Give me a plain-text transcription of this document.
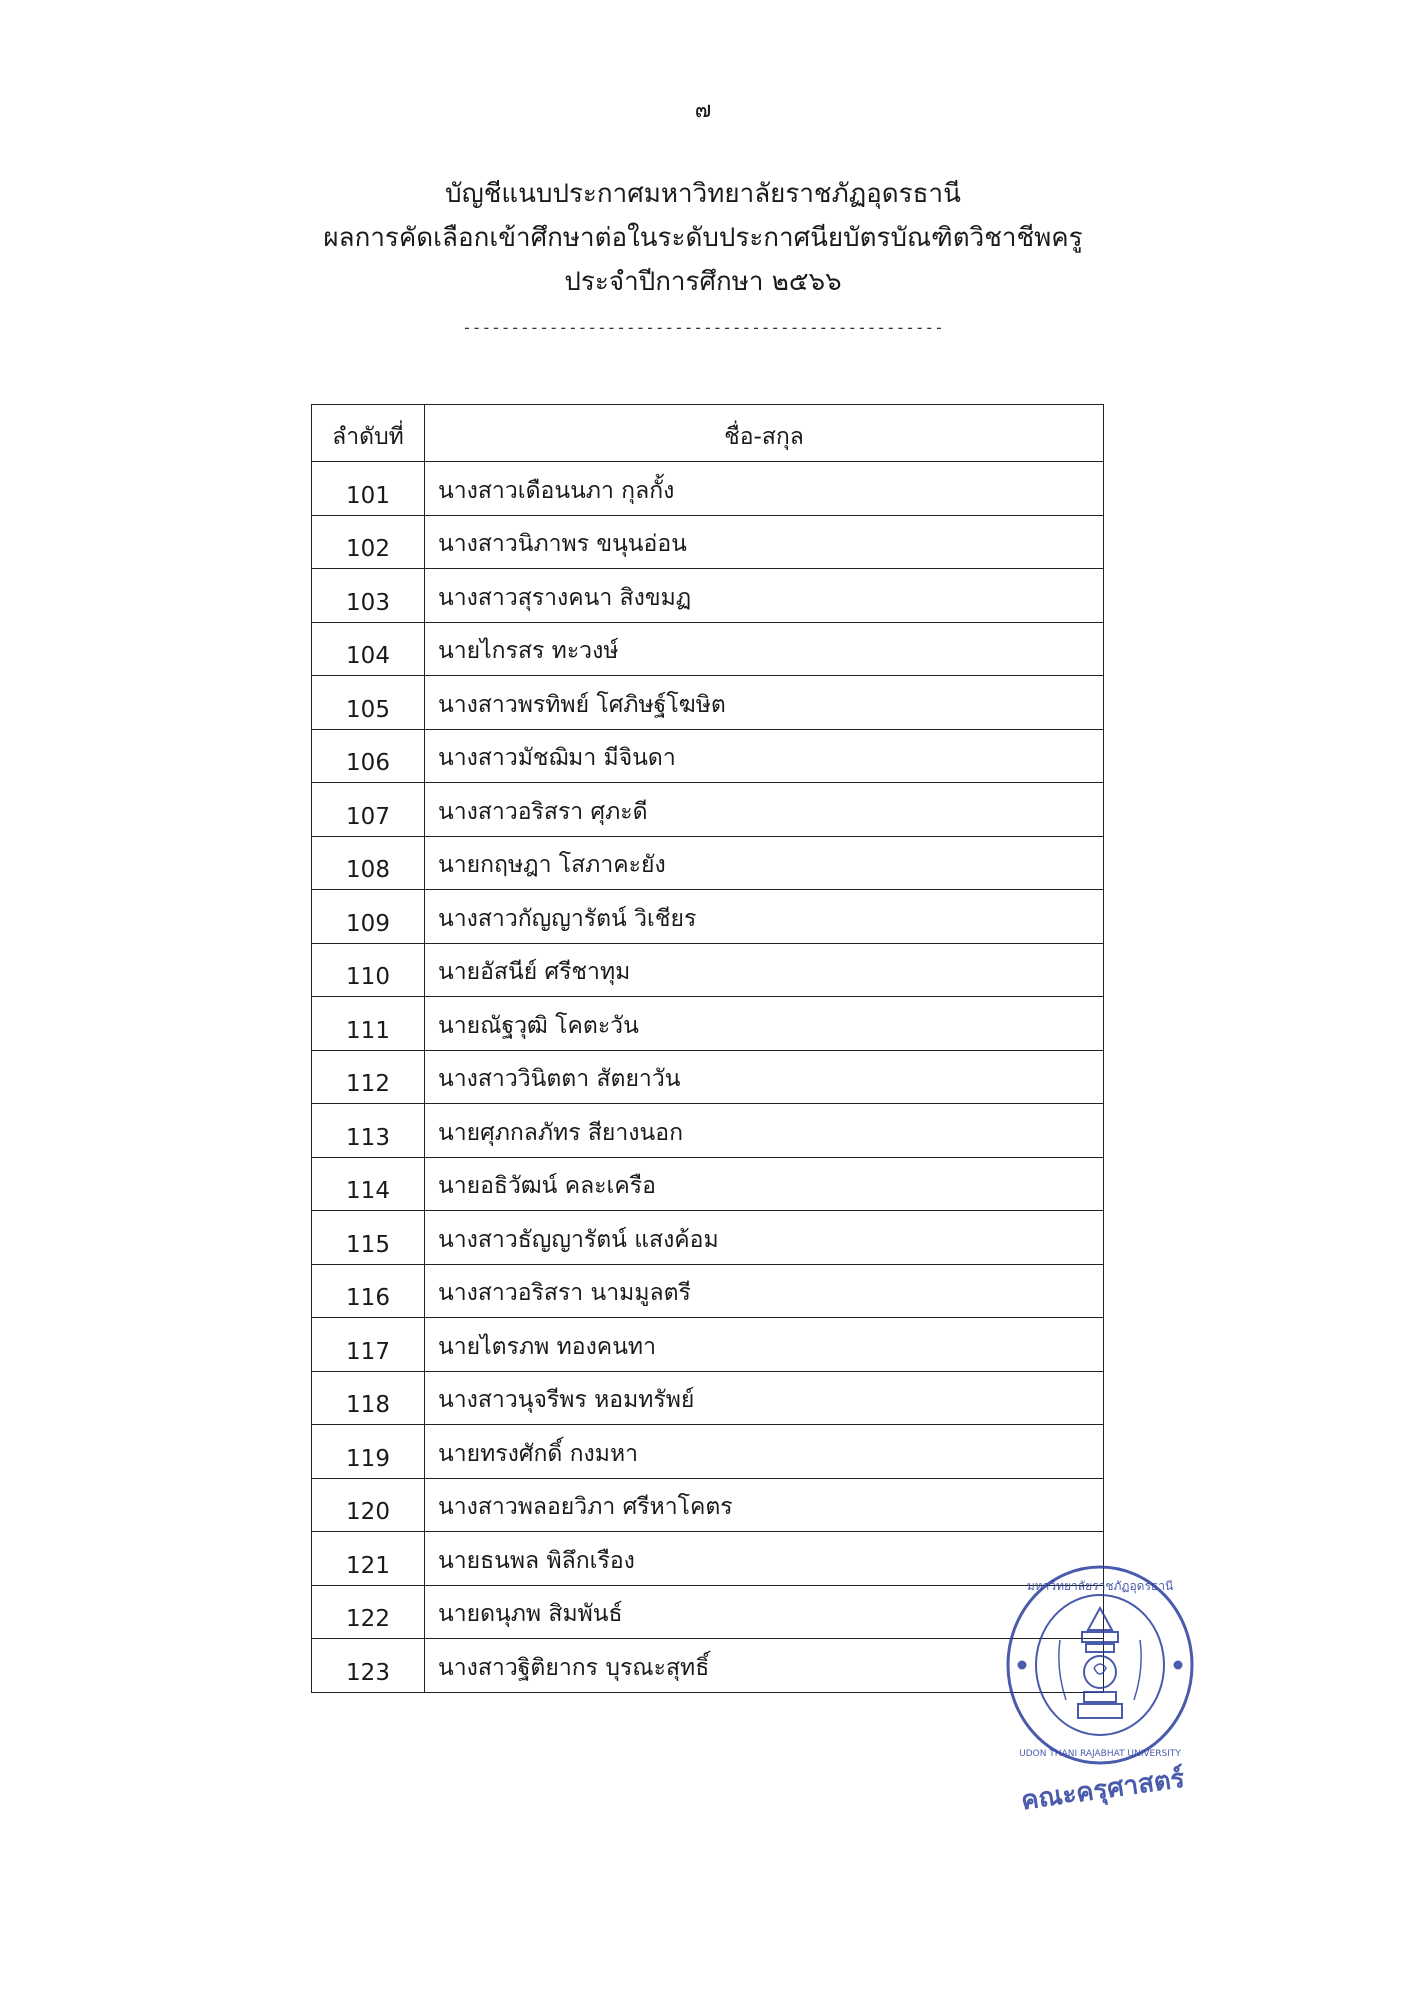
๗
บัญชีแนบประกาศมหาวิทยาลัยราชภัฏอุดรธานี
ผลการคัดเลือกเข้าศึกษาต่อในระดับประกาศนียบัตรบัณฑิตวิชาชีพครู
ประจำปีการศึกษา ๒๕๖๖
--------------------------------------------------
ลำดับที่	ชื่อ-สกุล
101	นางสาวเดือนนภา กุลกั้ง
102	นางสาวนิภาพร ขนุนอ่อน
103	นางสาวสุรางคนา สิงขมฏ
104	นายไกรสร ทะวงษ์
105	นางสาวพรทิพย์ โศภิษฐ์โฆษิต
106	นางสาวมัชฌิมา มีจินดา
107	นางสาวอริสรา ศุภะดี
108	นายกฤษฎา โสภาคะยัง
109	นางสาวกัญญารัตน์ วิเชียร
110	นายอัสนีย์ ศรีชาทุม
111	นายณัฐวุฒิ โคตะวัน
112	นางสาววินิตตา สัตยาวัน
113	นายศุภกลภัทร สียางนอก
114	นายอธิวัฒน์ คละเครือ
115	นางสาวธัญญารัตน์ แสงค้อม
116	นางสาวอริสรา นามมูลตรี
117	นายไตรภพ ทองคนทา
118	นางสาวนุจรีพร หอมทรัพย์
119	นายทรงศักดิ์ กงมหา
120	นางสาวพลอยวิภา ศรีหาโคตร
121	นายธนพล พิลึกเรือง
122	นายดนุภพ สิมพันธ์
123	นางสาวฐิติยากร บุรณะสุทธิ์
มหาวิทยาลัยราชภัฏอุดรธานี
UDON THANI RAJABHAT UNIVERSITY
คณะครุศาสตร์
